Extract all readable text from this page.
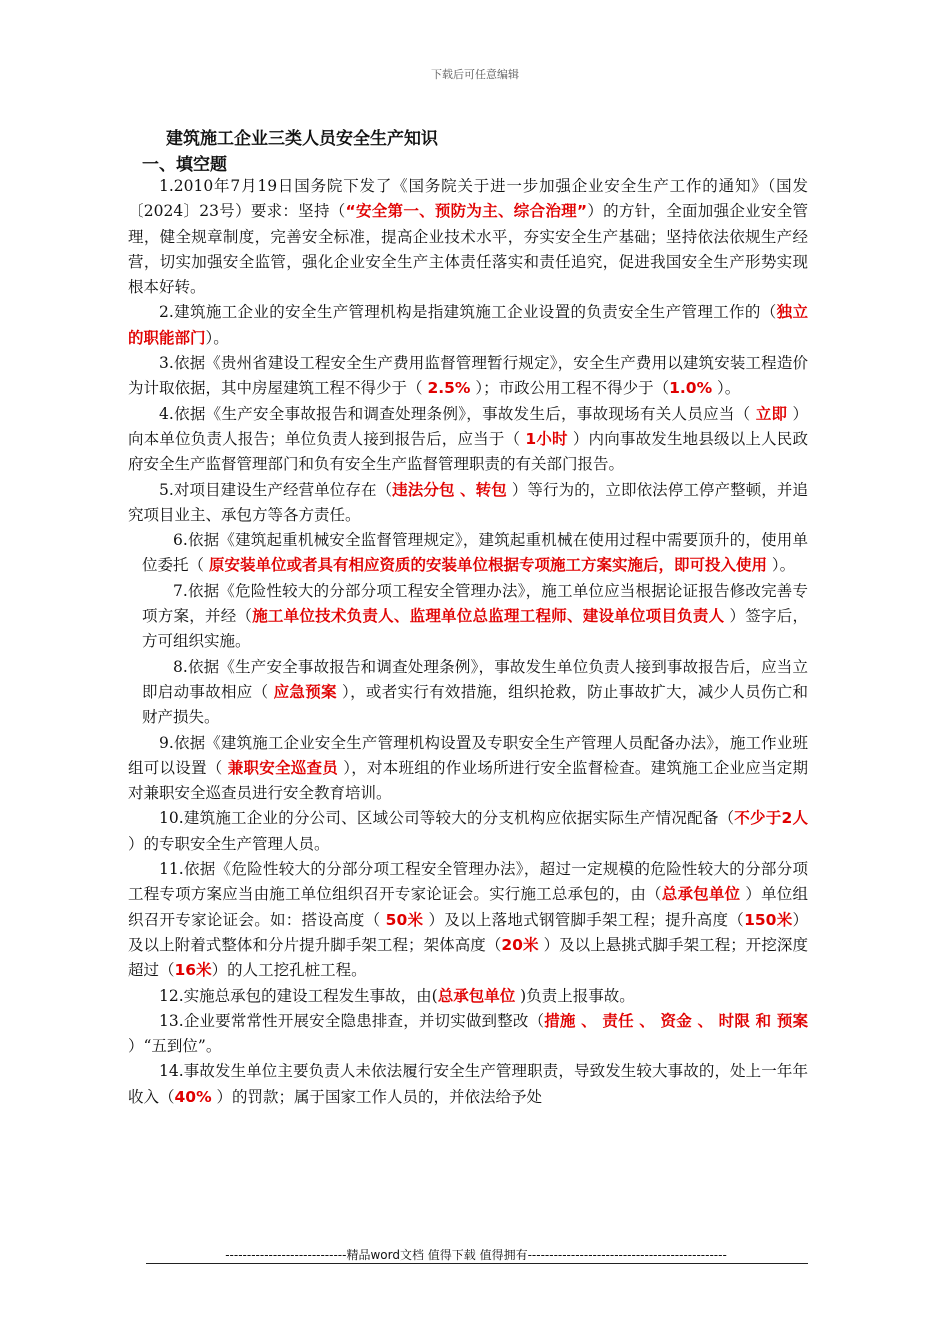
下载后可任意编辑
建筑施工企业三类人员安全生产知识
一、填空题

1.2010年7月19日国务院下发了《国务院关于进一步加强企业安全生产工作的通知》（国发〔2024〕23号）要求：坚持（“安全第一、预防为主、综合治理”）的方针，全面加强企业安全管理，健全规章制度，完善安全标准，提高企业技术水平，夯实安全生产基础；坚持依法依规生产经营，切实加强安全监管，强化企业安全生产主体责任落实和责任追究，促进我国安全生产形势实现根本好转。

2.建筑施工企业的安全生产管理机构是指建筑施工企业设置的负责安全生产管理工作的（独立的职能部门）。

3.依据《贵州省建设工程安全生产费用监督管理暂行规定》，安全生产费用以建筑安装工程造价为计取依据，其中房屋建筑工程不得少于（ 2.5% ）；市政公用工程不得少于（1.0% ）。

4.依据《生产安全事故报告和调查处理条例》，事故发生后，事故现场有关人员应当（ 立即 ）向本单位负责人报告；单位负责人接到报告后，应当于（ 1小时 ）内向事故发生地县级以上人民政府安全生产监督管理部门和负有安全生产监督管理职责的有关部门报告。

5.对项目建设生产经营单位存在（违法分包 、转包 ）等行为的，立即依法停工停产整顿，并追究项目业主、承包方等各方责任。

6.依据《建筑起重机械安全监督管理规定》，建筑起重机械在使用过程中需要顶升的，使用单位委托（ 原安装单位或者具有相应资质的安装单位根据专项施工方案实施后，即可投入使用 ）。

7.依据《危险性较大的分部分项工程安全管理办法》，施工单位应当根据论证报告修改完善专项方案，并经（施工单位技术负责人、监理单位总监理工程师、建设单位项目负责人 ）签字后，方可组织实施。

8.依据《生产安全事故报告和调查处理条例》，事故发生单位负责人接到事故报告后，应当立即启动事故相应（ 应急预案 ），或者实行有效措施，组织抢救，防止事故扩大，减少人员伤亡和财产损失。

9.依据《建筑施工企业安全生产管理机构设置及专职安全生产管理人员配备办法》，施工作业班组可以设置（ 兼职安全巡查员 ），对本班组的作业场所进行安全监督检查。建筑施工企业应当定期对兼职安全巡查员进行安全教育培训。

10.建筑施工企业的分公司、区域公司等较大的分支机构应依据实际生产情况配备（不少于2人 ）的专职安全生产管理人员。

11.依据《危险性较大的分部分项工程安全管理办法》，超过一定规模的危险性较大的分部分项工程专项方案应当由施工单位组织召开专家论证会。实行施工总承包的，由（总承包单位 ）单位组织召开专家论证会。如：搭设高度（ 50米 ）及以上落地式钢管脚手架工程；提升高度（150米）及以上附着式整体和分片提升脚手架工程；架体高度（20米 ）及以上悬挑式脚手架工程；开挖深度超过（16米）的人工挖孔桩工程。

12.实施总承包的建设工程发生事故，由(总承包单位 )负责上报事故。

13.企业要常常性开展安全隐患排查，并切实做到整改（措施 、 责任 、 资金 、 时限 和 预案 ）“五到位”。

14.事故发生单位主要负责人未依法履行安全生产管理职责，导致发生较大事故的，处上一年年收入（40% ）的罚款；属于国家工作人员的，并依法给予处

----------------------------精品word文档 值得下载 值得拥有----------------------------------------------
